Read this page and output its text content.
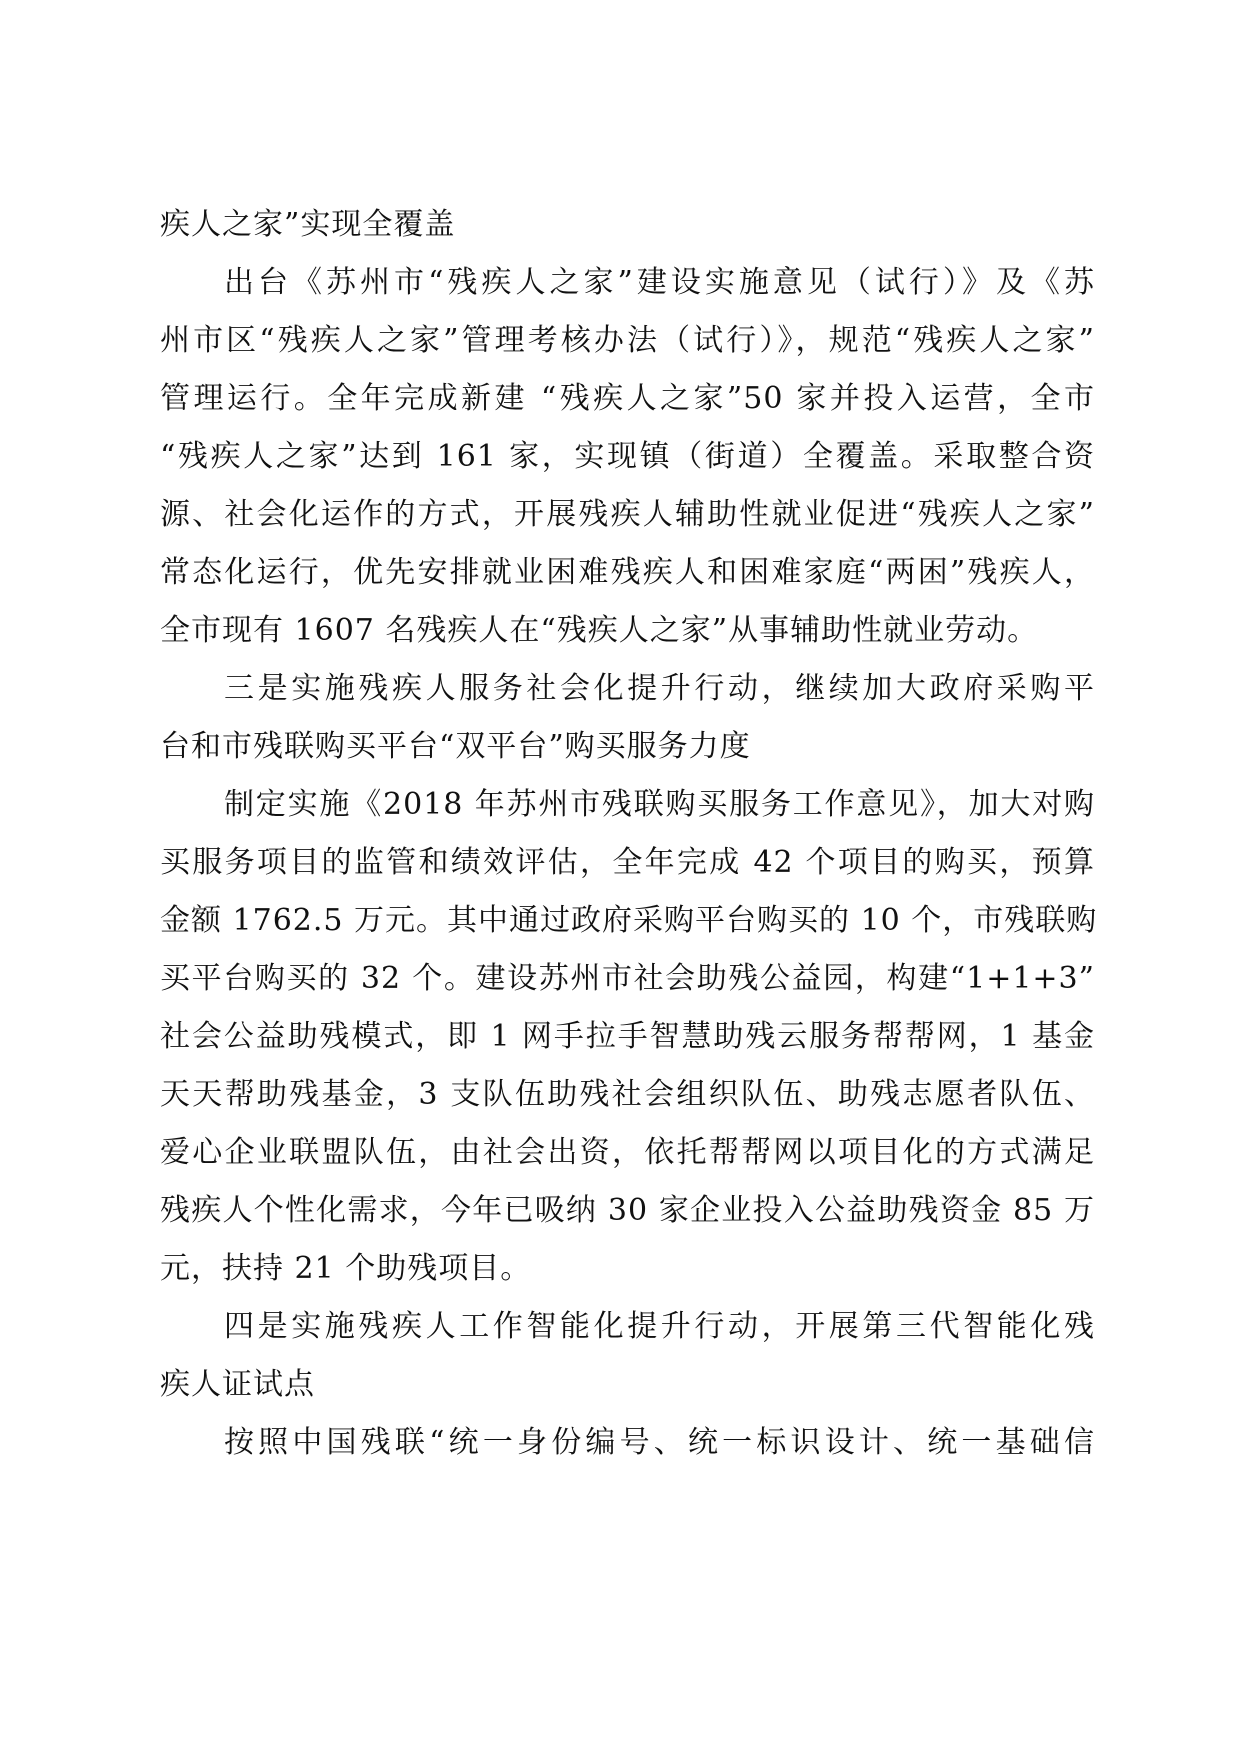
疾人之家”实现全覆盖
出台《苏州市“残疾人之家”建设实施意见（试行）》及《苏
州市区“残疾人之家”管理考核办法（试行）》，规范“残疾人之家”
管理运行。全年完成新建 “残疾人之家”50 家并投入运营，全市
“残疾人之家”达到 161 家，实现镇（街道）全覆盖。采取整合资
源、社会化运作的方式，开展残疾人辅助性就业促进“残疾人之家”
常态化运行，优先安排就业困难残疾人和困难家庭“两困”残疾人，
全市现有 1607 名残疾人在“残疾人之家”从事辅助性就业劳动。
三是实施残疾人服务社会化提升行动，继续加大政府采购平
台和市残联购买平台“双平台”购买服务力度
制定实施《2018 年苏州市残联购买服务工作意见》，加大对购
买服务项目的监管和绩效评估，全年完成 42 个项目的购买，预算
金额 1762.5 万元。其中通过政府采购平台购买的 10 个，市残联购
买平台购买的 32 个。建设苏州市社会助残公益园，构建“1+1+3”
社会公益助残模式，即 1 网手拉手智慧助残云服务帮帮网，1 基金
天天帮助残基金，3 支队伍助残社会组织队伍、助残志愿者队伍、
爱心企业联盟队伍，由社会出资，依托帮帮网以项目化的方式满足
残疾人个性化需求，今年已吸纳 30 家企业投入公益助残资金 85 万
元，扶持 21 个助残项目。
四是实施残疾人工作智能化提升行动，开展第三代智能化残
疾人证试点
按照中国残联“统一身份编号、统一标识设计、统一基础信
